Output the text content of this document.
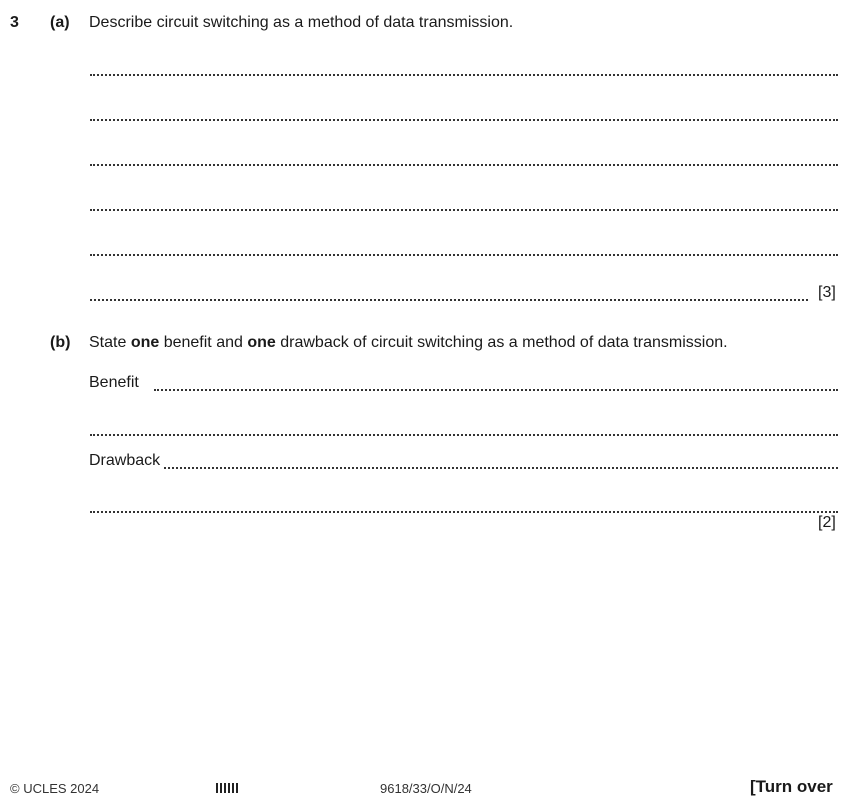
3 (a) Describe circuit switching as a method of data transmission.
[3]
(b) State one benefit and one drawback of circuit switching as a method of data transmission.
Benefit
Drawback
[2]
© UCLES 2024	9618/33/O/N/24	[Turn over
